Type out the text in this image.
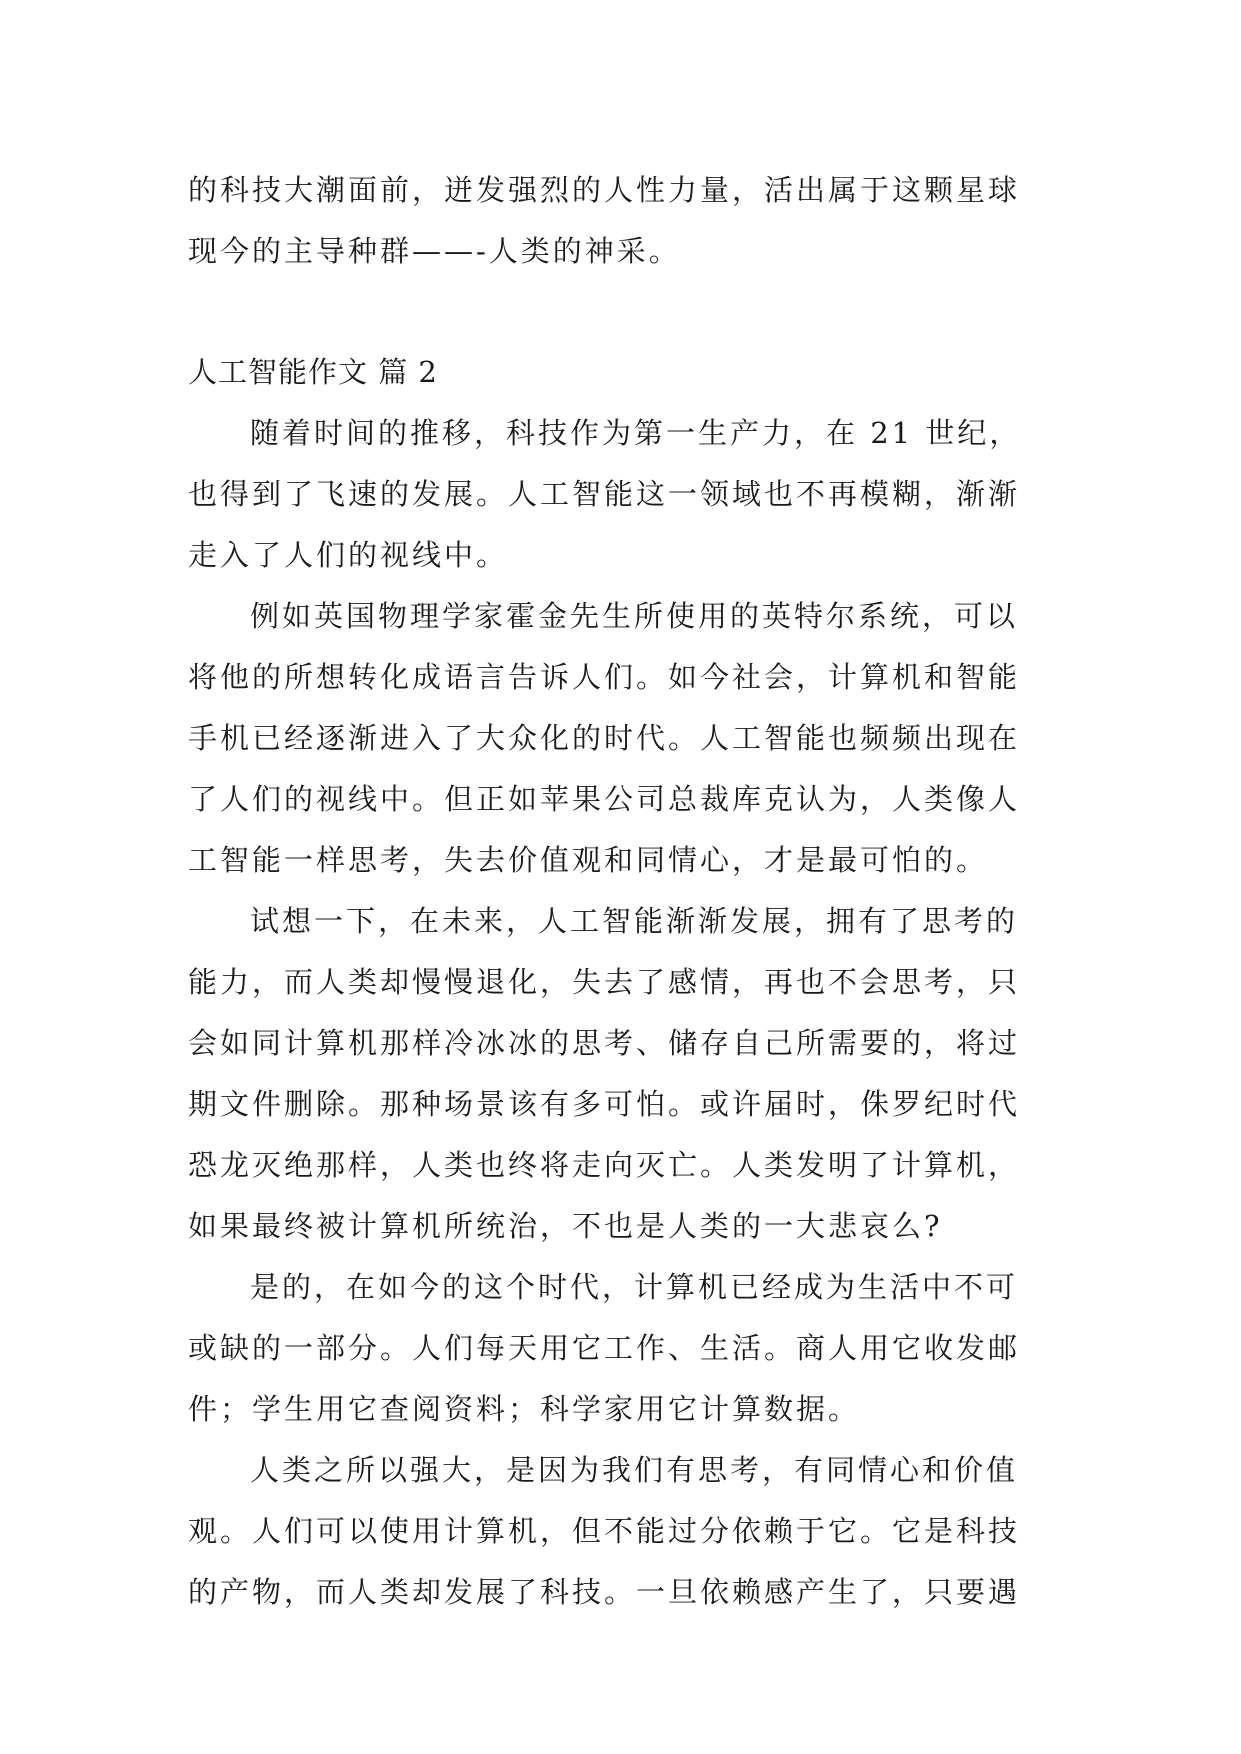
的科技大潮面前，迸发强烈的人性力量，活出属于这颗星球
现今的主导种群——-人类的神采。
人工智能作文 篇 2
随着时间的推移，科技作为第一生产力，在 21 世纪，
也得到了飞速的发展。人工智能这一领域也不再模糊，渐渐
走入了人们的视线中。
例如英国物理学家霍金先生所使用的英特尔系统，可以
将他的所想转化成语言告诉人们。如今社会，计算机和智能
手机已经逐渐进入了大众化的时代。人工智能也频频出现在
了人们的视线中。但正如苹果公司总裁库克认为，人类像人
工智能一样思考，失去价值观和同情心，才是最可怕的。
试想一下，在未来，人工智能渐渐发展，拥有了思考的
能力，而人类却慢慢退化，失去了感情，再也不会思考，只
会如同计算机那样冷冰冰的思考、储存自己所需要的，将过
期文件删除。那种场景该有多可怕。或许届时，侏罗纪时代
恐龙灭绝那样，人类也终将走向灭亡。人类发明了计算机，
如果最终被计算机所统治，不也是人类的一大悲哀么?
是的，在如今的这个时代，计算机已经成为生活中不可
或缺的一部分。人们每天用它工作、生活。商人用它收发邮
件；学生用它查阅资料；科学家用它计算数据。
人类之所以强大，是因为我们有思考，有同情心和价值
观。人们可以使用计算机，但不能过分依赖于它。它是科技
的产物，而人类却发展了科技。一旦依赖感产生了，只要遇
